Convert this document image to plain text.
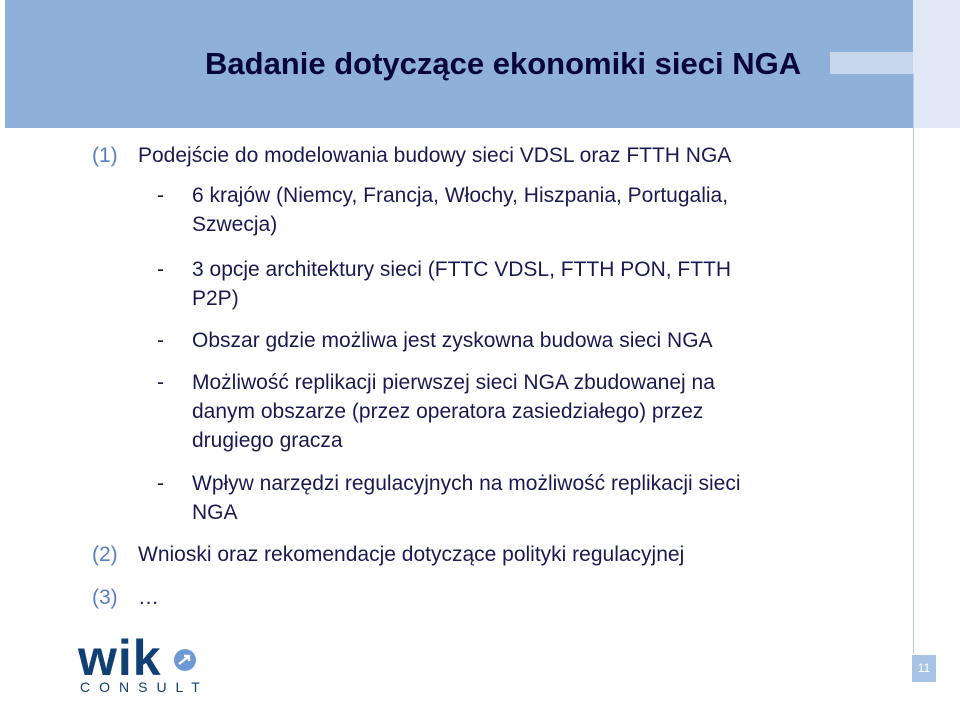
Badanie dotyczące ekonomiki sieci NGA
(1) Podejście do modelowania budowy sieci VDSL oraz FTTH NGA
- 6 krajów (Niemcy, Francja, Włochy, Hiszpania, Portugalia,
Szwecja)
- 3 opcje architektury sieci (FTTC VDSL, FTTH PON, FTTH
P2P)
- Obszar gdzie możliwa jest zyskowna budowa sieci NGA
- Możliwość replikacji pierwszej sieci NGA zbudowanej na
danym obszarze (przez operatora zasiedziałego) przez
drugiego gracza
- Wpływ narzędzi regulacyjnych na możliwość replikacji sieci
NGA
(2) Wnioski oraz rekomendacje dotyczące polityki regulacyjnej
(3) …
wik
CONSULT
11
